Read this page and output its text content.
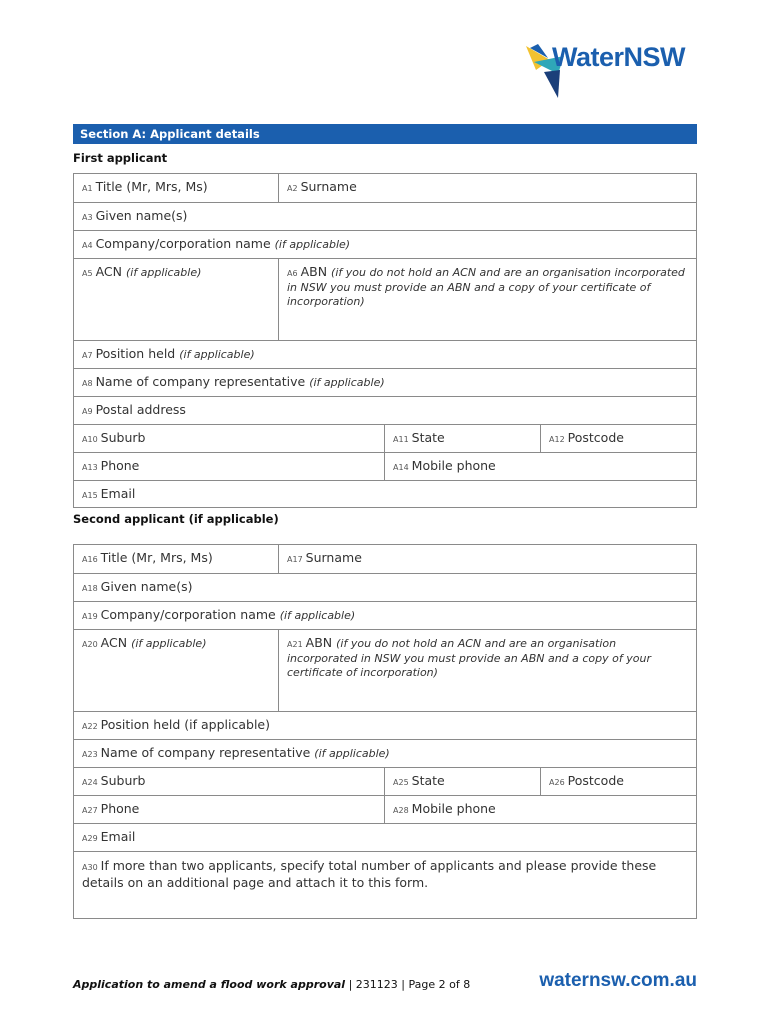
WaterNSW
Section A: Applicant details
First applicant
A1 Title (Mr, Mrs, Ms)	A2 Surname
A3 Given name(s)
A4 Company/corporation name (if applicable)
A5 ACN (if applicable)	A6 ABN (if you do not hold an ACN and are an organisation incorporated in NSW you must provide an ABN and a copy of your certificate of incorporation)
A7 Position held (if applicable)
A8 Name of company representative (if applicable)
A9 Postal address
A10 Suburb	A11 State	A12 Postcode
A13 Phone	A14 Mobile phone
A15 Email
Second applicant (if applicable)
A16 Title (Mr, Mrs, Ms)	A17 Surname
A18 Given name(s)
A19 Company/corporation name (if applicable)
A20 ACN (if applicable)	A21 ABN (if you do not hold an ACN and are an organisation incorporated in NSW you must provide an ABN and a copy of your certificate of incorporation)
A22 Position held (if applicable)
A23 Name of company representative (if applicable)
A24 Suburb	A25 State	A26 Postcode
A27 Phone	A28 Mobile phone
A29 Email
A30 If more than two applicants, specify total number of applicants and please provide these details on an additional page and attach it to this form.
Application to amend a flood work approval | 231123 | Page 2 of 8	waternsw.com.au
